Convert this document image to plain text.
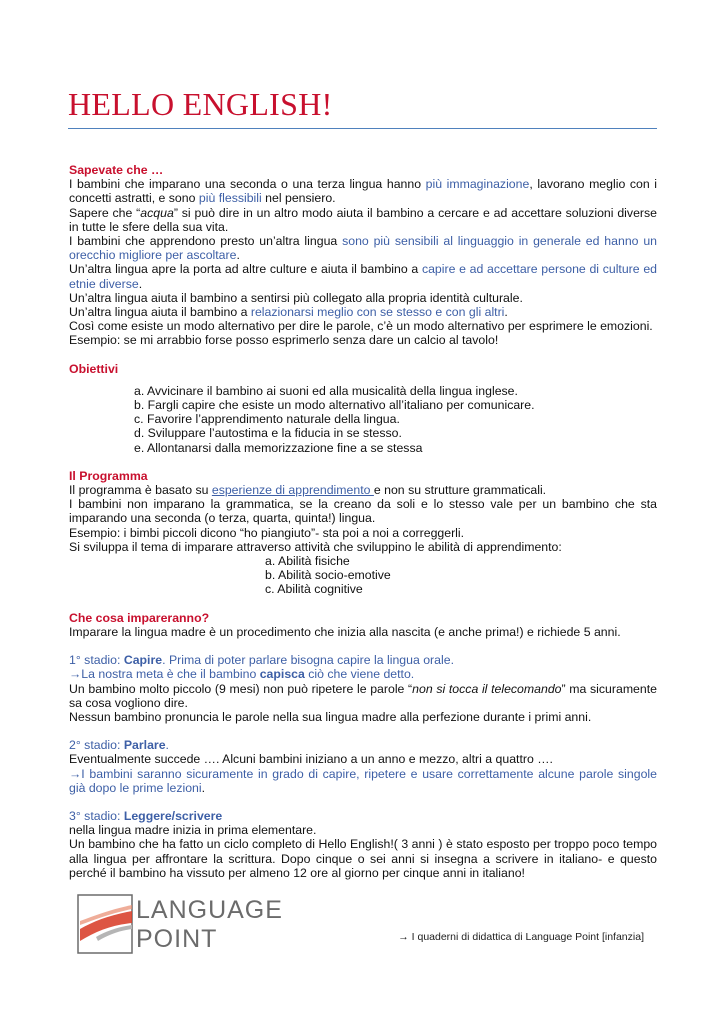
HELLO ENGLISH!

Sapevate che …

I bambini che imparano una seconda o una terza lingua hanno più immaginazione, lavorano meglio con i concetti astratti, e sono più flessibili nel pensiero.

Sapere che “acqua” si può dire in un altro modo aiuta il bambino a cercare e ad accettare soluzioni diverse in tutte le sfere della sua vita.

I bambini che apprendono presto un’altra lingua sono più sensibili al linguaggio in generale ed hanno un orecchio migliore per ascoltare.

Un’altra lingua apre la porta ad altre culture e aiuta il bambino a capire e ad accettare persone di culture ed etnie diverse.

Un’altra lingua aiuta il bambino a sentirsi più collegato alla propria identità culturale.

Un’altra lingua aiuta il bambino a relazionarsi meglio con se stesso e con gli altri.

Così come esiste un modo alternativo per dire le parole, c’è un modo alternativo per esprimere le emozioni.

Esempio: se mi arrabbio forse posso esprimerlo senza dare un calcio al tavolo!

Obiettivi

a. Avvicinare il bambino ai suoni ed alla musicalità della lingua inglese.
b. Fargli capire che esiste un modo alternativo all’italiano per comunicare.
c. Favorire l’apprendimento naturale della lingua.
d. Sviluppare l’autostima e la fiducia in se stesso.
e. Allontanarsi dalla memorizzazione fine a se stessa

Il Programma

Il programma è basato su esperienze di apprendimento e non su strutture grammaticali.

I bambini non imparano la grammatica, se la creano da soli e lo stesso vale per un bambino che sta imparando una seconda (o terza, quarta, quinta!) lingua.

Esempio: i bimbi piccoli dicono “ho piangiuto”- sta poi a noi a correggerli.

Si sviluppa il tema di imparare attraverso attività che sviluppino le abilità di apprendimento:

a. Abilità fisiche
b. Abilità socio-emotive
c. Abilità cognitive

Che cosa impareranno?

Imparare la lingua madre è un procedimento che inizia alla nascita (e anche prima!) e richiede 5 anni.

1° stadio: Capire. Prima di poter parlare bisogna capire la lingua orale.

→La nostra meta è che il bambino capisca ciò che viene detto.

Un bambino molto piccolo (9 mesi) non può ripetere le parole “non si tocca il telecomando” ma sicuramente sa cosa vogliono dire.

Nessun bambino pronuncia le parole nella sua lingua madre alla perfezione durante i primi anni.

2° stadio: Parlare.

Eventualmente succede …. Alcuni bambini iniziano a un anno e mezzo, altri a quattro ….

→I bambini saranno sicuramente in grado di capire, ripetere e usare correttamente alcune parole singole già dopo le prime lezioni.

3° stadio: Leggere/scrivere

nella lingua madre inizia in prima elementare.

Un bambino che ha fatto un ciclo completo di Hello English!( 3 anni ) è stato esposto per troppo poco tempo alla lingua per affrontare la scrittura. Dopo cinque o sei anni si insegna a scrivere in italiano- e questo perché il bambino ha vissuto per almeno 12 ore al giorno per cinque anni in italiano!

LANGUAGE
POINT	→ I quaderni di didattica di Language Point [infanzia]
